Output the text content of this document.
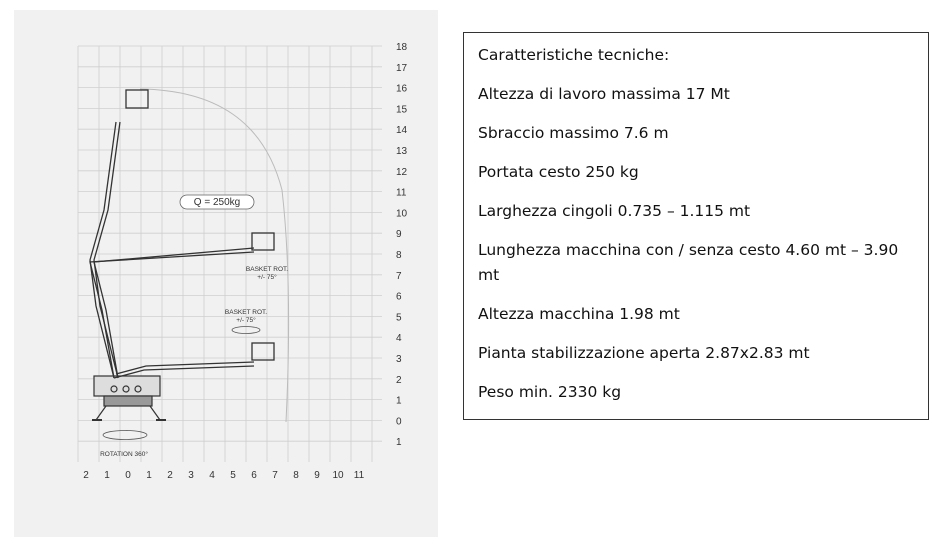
18
17
16
15
14
13
12
11
10
9
8
7
6
5
4
3
2
1
0
1
2 1 0 1 2 3 4 5 6 7 8 9 10 11
Q = 250kg
BASKET ROT.
+/- 75°
BASKET ROT.
+/- 75°
ROTATION 360°

Caratteristiche tecniche:

Altezza di lavoro massima 17 Mt

Sbraccio massimo 7.6 m

Portata cesto 250 kg

Larghezza cingoli 0.735 – 1.115 mt

Lunghezza macchina con / senza cesto 4.60 mt – 3.90 mt

Altezza macchina 1.98 mt

Pianta stabilizzazione aperta 2.87x2.83 mt

Peso min. 2330 kg
